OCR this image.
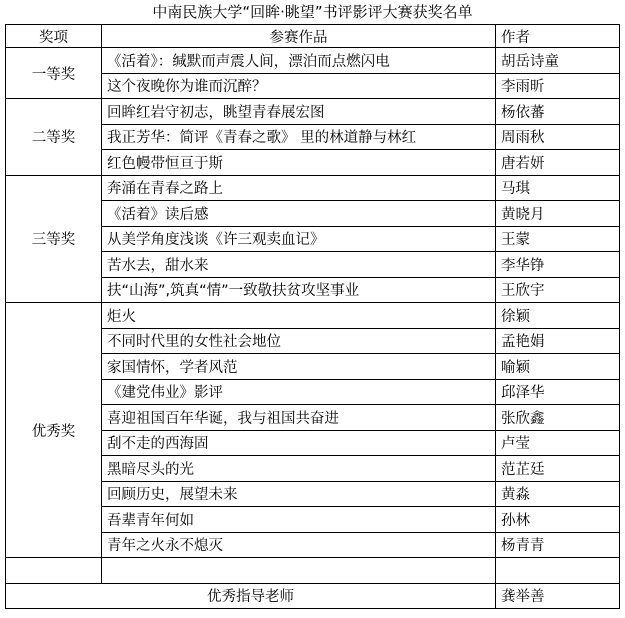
中南民族大学“回眸·眺望”书评影评大赛获奖名单
奖项	参赛作品	作者
一等奖	《活着》：缄默而声震人间，漂泊而点燃闪电	胡岳诗童
	这个夜晚你为谁而沉醉？	李雨昕
二等奖	回眸红岩守初志，眺望青春展宏图	杨依蕃
	我正芳华：简评《青春之歌》 里的林道静与林红	周雨秋
	红色幔带恒亘于斯	唐若妍
三等奖	奔涌在青春之路上	马琪
	《活着》读后感	黄晓月
	从美学角度浅谈《许三观卖血记》	王蒙
	苦水去，甜水来	李华铮
	扶“山海”,筑真“情”一致敬扶贫攻坚事业	王欣宇
优秀奖	炬火	徐颖
	不同时代里的女性社会地位	孟艳娟
	家国情怀，学者风范	喻颖
	《建党伟业》影评	邱泽华
	喜迎祖国百年华诞，我与祖国共奋进	张欣鑫
	刮不走的西海固	卢莹
	黑暗尽头的光	范芷廷
	回顾历史，展望未来	黄淼
	吾辈青年何如	孙林
	青年之火永不熄灭	杨青青

优秀指导老师		龚举善
